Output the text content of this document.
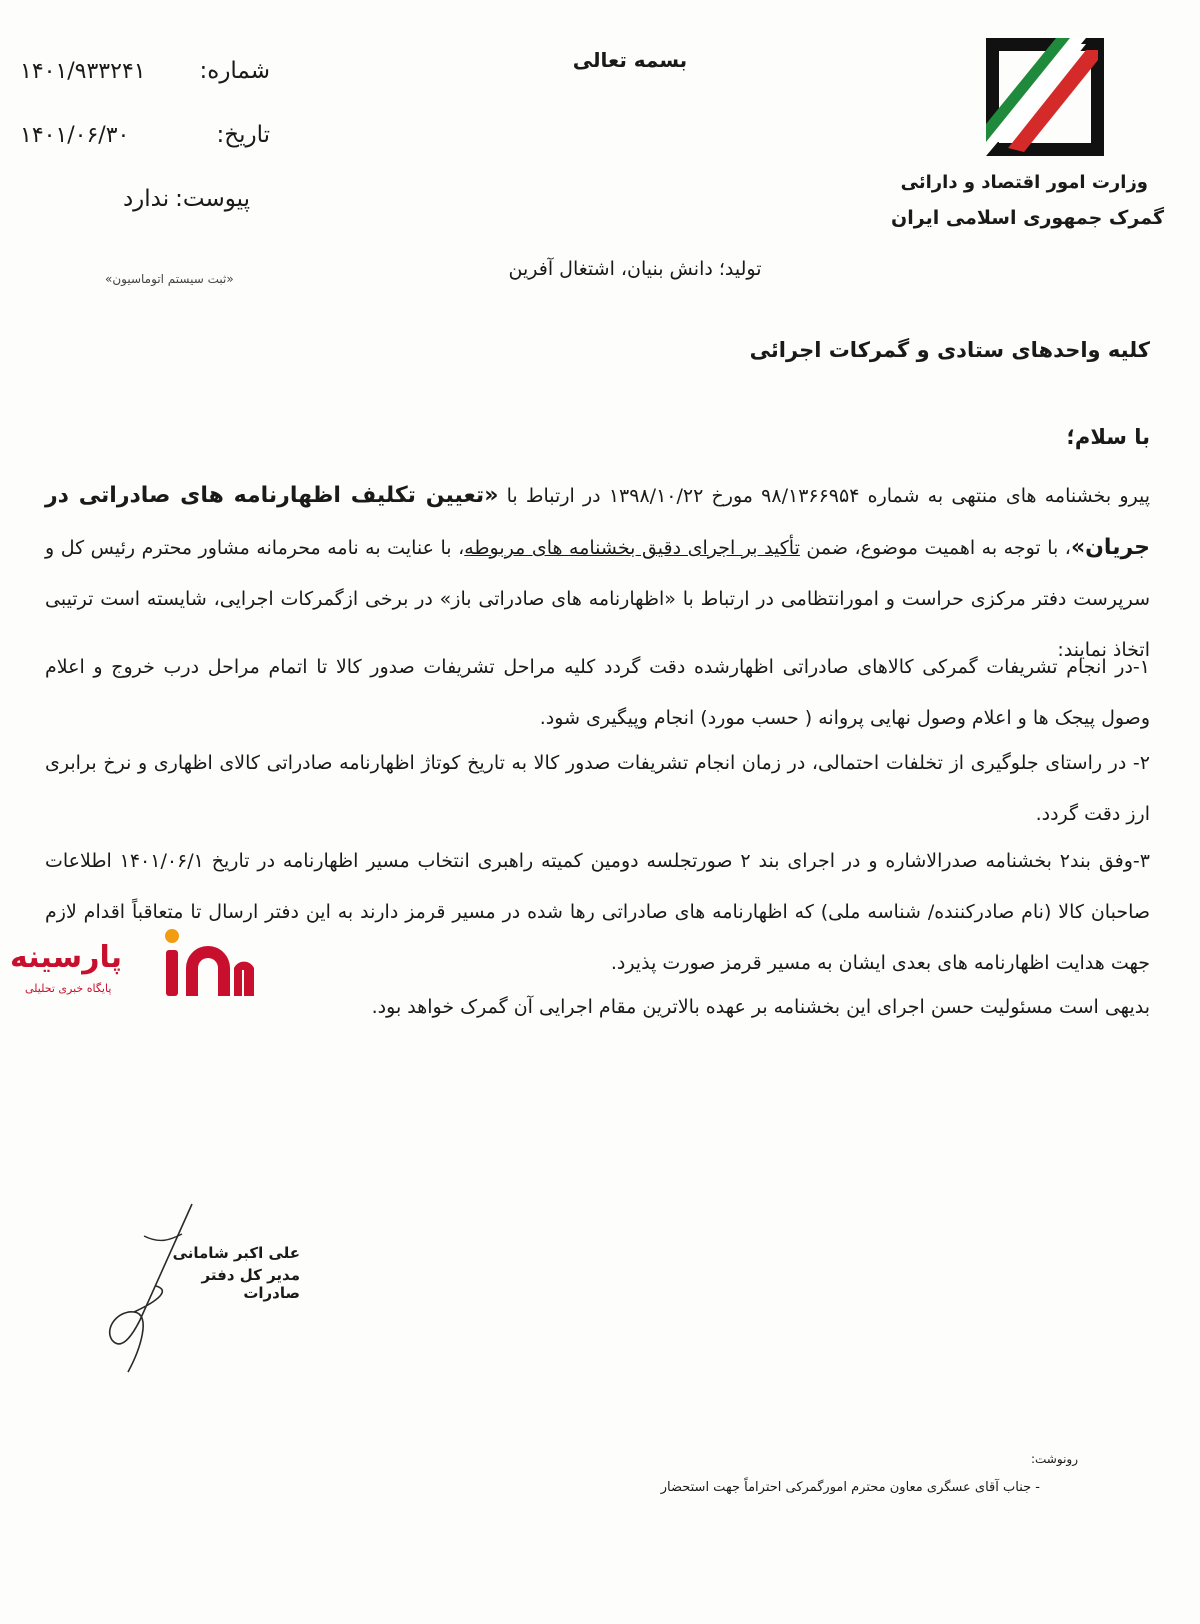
بسمه تعالی
شماره:
۱۴۰۱/۹۳۳۲۴۱
تاریخ:
۱۴۰۱/۰۶/۳۰
پیوست:
ندارد
«ثبت سیستم اتوماسیون»
وزارت امور اقتصاد و دارائی
گمرک جمهوری اسلامی ایران
تولید؛ دانش بنیان، اشتغال آفرین
کلیه واحدهای ستادی و گمرکات اجرائی
با سلام؛
پیرو بخشنامه های منتهی به شماره ۹۸/۱۳۶۶۹۵۴ مورخ ۱۳۹۸/۱۰/۲۲ در ارتباط با «تعیین تکلیف اظهارنامه های صادراتی در جریان»، با توجه به اهمیت موضوع، ضمن تأکید بر اجرای دقیق بخشنامه های مربوطه، با عنایت به نامه محرمانه مشاور محترم رئیس کل و سرپرست دفتر مرکزی حراست و امورانتظامی در ارتباط با «اظهارنامه های صادراتی باز» در برخی ازگمرکات اجرایی، شایسته است ترتیبی اتخاذ نمایند:
۱-در انجام تشریفات گمرکی کالاهای صادراتی اظهارشده دقت گردد کلیه مراحل تشریفات صدور کالا تا اتمام مراحل درب خروج و اعلام وصول پیجک ها و اعلام وصول نهایی پروانه ( حسب مورد) انجام وپیگیری شود.
۲- در راستای جلوگیری از تخلفات احتمالی، در زمان انجام تشریفات صدور کالا به تاریخ کوتاژ اظهارنامه صادراتی کالای اظهاری و نرخ برابری ارز دقت گردد.
۳-وفق بند۲ بخشنامه صدرالاشاره و در اجرای بند ۲ صورتجلسه دومین کمیته راهبری انتخاب مسیر اظهارنامه در تاریخ ۱۴۰۱/۰۶/۱ اطلاعات صاحبان کالا (نام صادرکننده/ شناسه ملی) که اظهارنامه های صادراتی رها شده در مسیر قرمز دارند به این دفتر ارسال تا متعاقباً اقدام لازم جهت هدایت اظهارنامه های بعدی ایشان به مسیر قرمز صورت پذیرد.
بدیهی است مسئولیت حسن اجرای این بخشنامه بر عهده بالاترین مقام اجرایی آن گمرک خواهد بود.
پارسینه
پایگاه خبری تحلیلی
علی اکبر شامانی
مدیر کل دفتر صادرات
رونوشت:
- جناب آقای عسگری معاون محترم امورگمرکی احتراماً جهت استحضار
